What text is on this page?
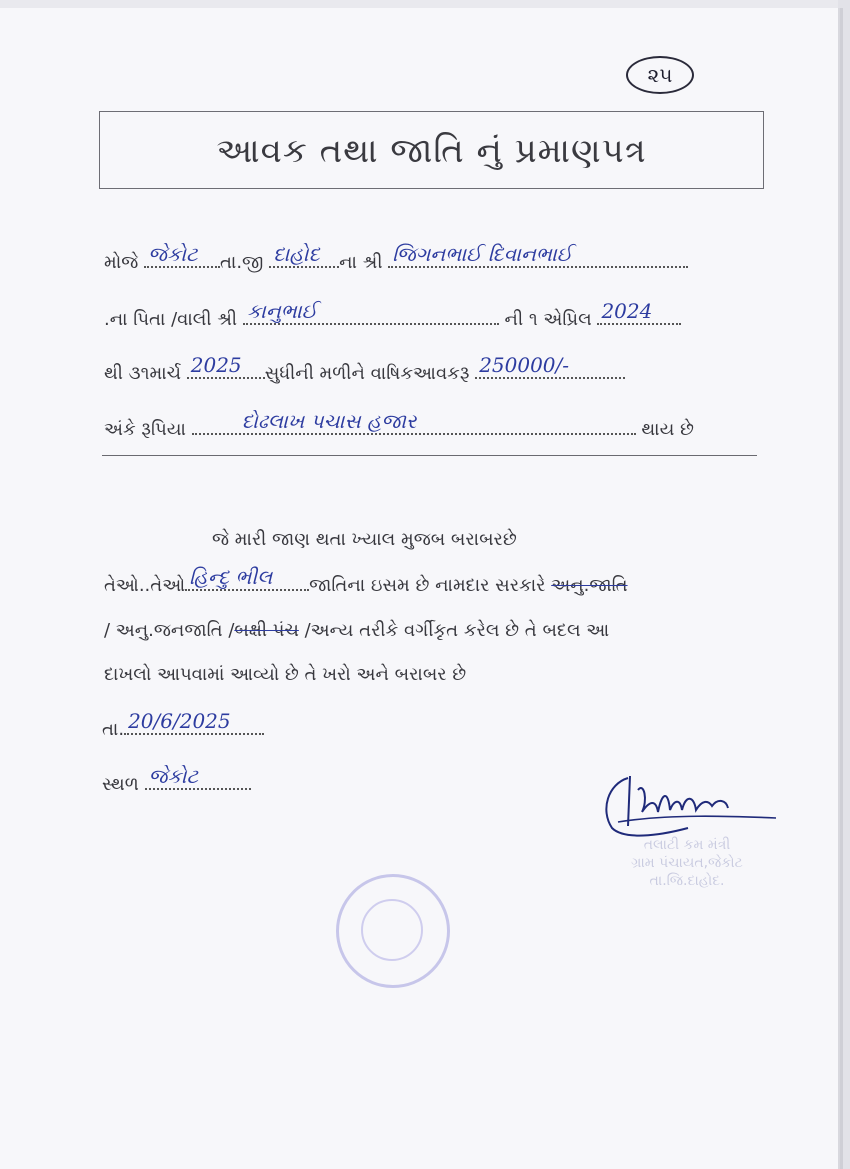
૨૫
આવક તથા જાતિ નું પ્રમાણપત્ર
મોજે જેકોટ તા.જી દાહોદ ના શ્રી જિગનભાઈ દિવાનભાઈ
.ના પિતા /વાલી શ્રી કાનુભાઈ	ની ૧ એપ્રિલ 2024
થી ૩૧માર્ચ 2025 સુધીની મળીને વાષિકઆવકરૂ 250000/-
અંકે રૂપિયા	દોઢલાખ પચાસ હજાર	થાય છે
જે મારી જાણ થતા ખ્યાલ મુજબ બરાબરછે
તેઓ..તેઓ હિન્દુ ભીલ જાતિના ઇસમ છે નામદાર સરકારે અનુ.જાતિ
/ અનુ.જનજાતિ /બક્ષી પંચ /અન્ય તરીકે વર્ગીકૃત કરેલ છે તે બદલ આ
દાખલો આપવામાં આવ્યો છે તે ખરો અને બરાબર છે
તા. 20/6/2025
સ્થળ જેકોટ
તલાટી કમ મંત્રી
ગ્રામ પંચાયત,જેકોટ
તા.જિ.દાહોદ.
